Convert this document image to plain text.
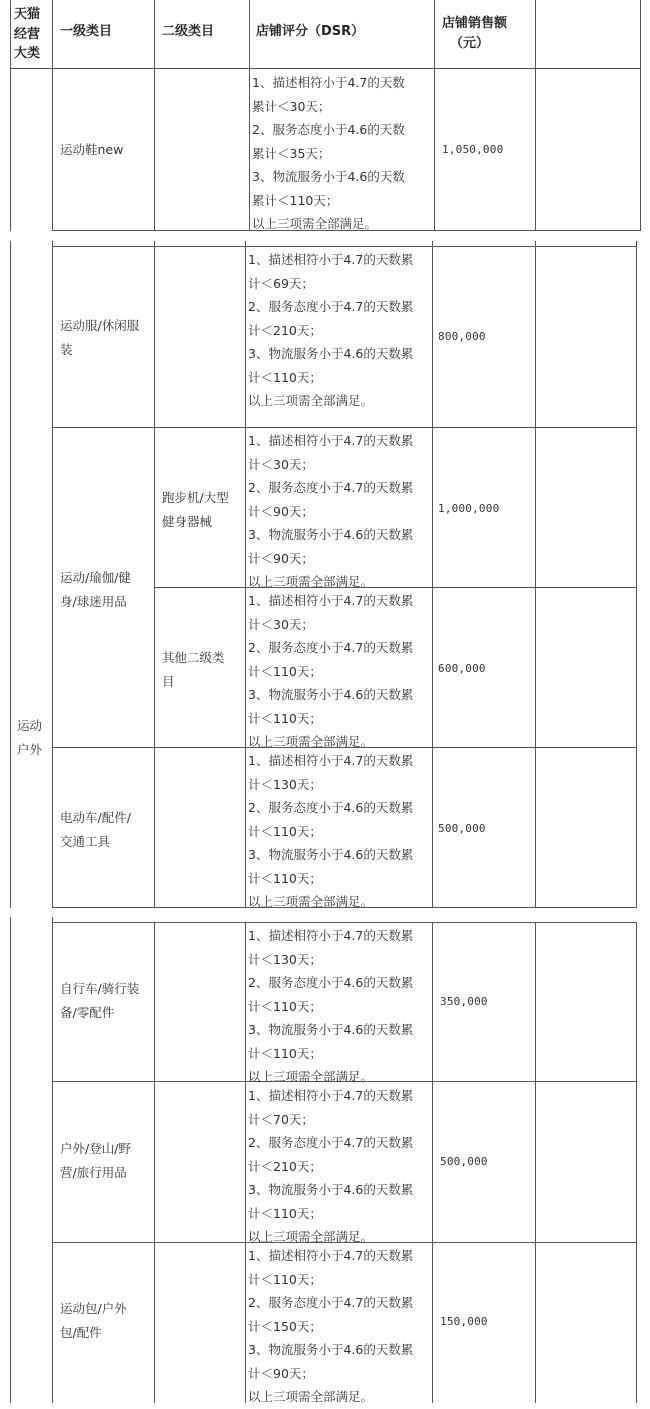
天猫
经营
大类
一级类目	二级类目	店铺评分（DSR）
店铺销售额
（元）
运动鞋new
1、描述相符小于4.7的天数
累计＜30天；
2、服务态度小于4.6的天数
累计＜35天；
3、物流服务小于4.6的天数
累计＜110天；
以上三项需全部满足。
1,050,000
运动
户外
运动服/休闲服
装
1、描述相符小于4.7的天数累
计＜69天；
2、服务态度小于4.7的天数累
计＜210天；
3、物流服务小于4.6的天数累
计＜110天；
以上三项需全部满足。
800,000
运动/瑜伽/健
身/球迷用品
跑步机/大型
健身器械
1、描述相符小于4.7的天数累
计＜30天；
2、服务态度小于4.7的天数累
计＜90天；
3、物流服务小于4.6的天数累
计＜90天；
以上三项需全部满足。
1,000,000
其他二级类
目
1、描述相符小于4.7的天数累
计＜30天；
2、服务态度小于4.7的天数累
计＜110天；
3、物流服务小于4.6的天数累
计＜110天；
以上三项需全部满足。
600,000
电动车/配件/
交通工具
1、描述相符小于4.7的天数累
计＜130天；
2、服务态度小于4.6的天数累
计＜110天；
3、物流服务小于4.6的天数累
计＜110天；
以上三项需全部满足。
500,000
自行车/骑行装
备/零配件
1、描述相符小于4.7的天数累
计＜130天；
2、服务态度小于4.6的天数累
计＜110天；
3、物流服务小于4.6的天数累
计＜110天；
以上三项需全部满足。
350,000
户外/登山/野
营/旅行用品
1、描述相符小于4.7的天数累
计＜70天；
2、服务态度小于4.7的天数累
计＜210天；
3、物流服务小于4.6的天数累
计＜110天；
以上三项需全部满足。
500,000
运动包/户外
包/配件
1、描述相符小于4.7的天数累
计＜110天；
2、服务态度小于4.7的天数累
计＜150天；
3、物流服务小于4.6的天数累
计＜90天；
以上三项需全部满足。
150,000
